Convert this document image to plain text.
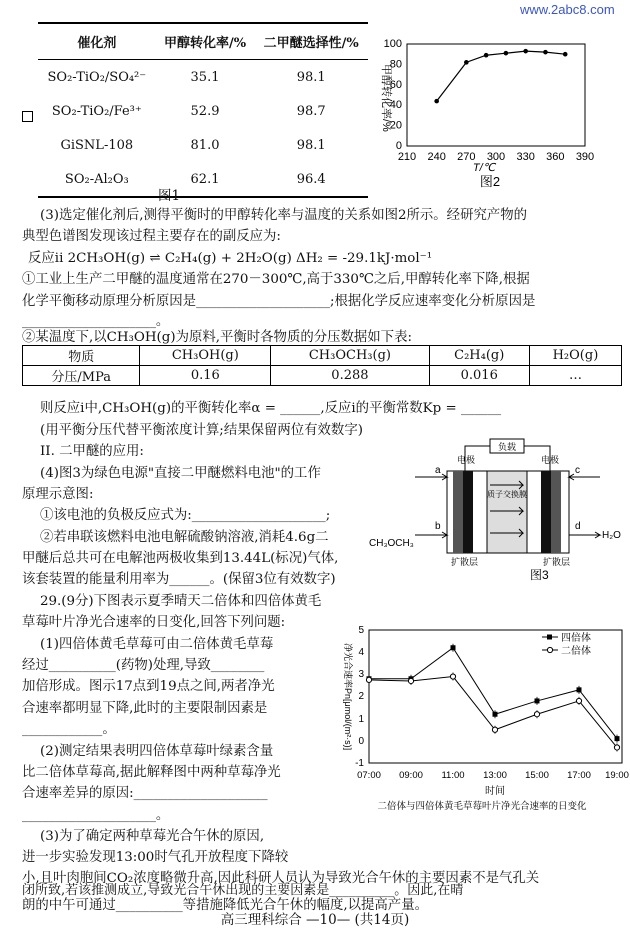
www.2abc8.com
催化剂	甲醇转化率/%	二甲醚选择性/%
SO₂-TiO₂/SO₄²⁻	35.1	98.1
SO₂-TiO₂/Fe³⁺	52.9	98.7
GiSNL-108	81.0	98.1
SO₂-Al₂O₃	62.1	96.4
图1
0
20
40
60
80
100
210 240 270 300 330 360 390
T/℃
甲醇转化率/%
图2
(3)选定催化剂后,测得平衡时的甲醇转化率与温度的关系如图2所示。经研究产物的
典型色谱图发现该过程主要存在的副反应为:
反应ii 2CH₃OH(g) ⇌ C₂H₄(g) + 2H₂O(g) ΔH₂ = -29.1kJ·mol⁻¹
①工业上生产二甲醚的温度通常在270－300℃,高于330℃之后,甲醇转化率下降,根据
化学平衡移动原理分析原因是____________________;根据化学反应速率变化分析原因是
____________________。
②某温度下,以CH₃OH(g)为原料,平衡时各物质的分压数据如下表:
物质	CH₃OH(g)	CH₃OCH₃(g)	C₂H₄(g)	H₂O(g)
分压/MPa	0.16	0.288	0.016	…
则反应i中,CH₃OH(g)的平衡转化率α = ______,反应i的平衡常数Kp = ______
(用平衡分压代替平衡浓度计算;结果保留两位有效数字)
II. 二甲醚的应用:
(4)图3为绿色电源"直接二甲醚燃料电池"的工作
原理示意图:
①该电池的负极反应式为:____________________;
②若串联该燃料电池电解硫酸钠溶液,消耗4.6g二
甲醚后总共可在电解池两极收集到13.44L(标况)气体,
该套装置的能量利用率为______。(保留3位有效数字)
29.(9分)下图表示夏季晴天二倍体和四倍体黄毛
草莓叶片净光合速率的日变化,回答下列问题:
(1)四倍体黄毛草莓可由二倍体黄毛草莓
经过__________(药物)处理,导致________
加倍形成。图示17点到19点之间,两者净光
合速率都明显下降,此时的主要限制因素是
____________。
(2)测定结果表明四倍体草莓叶绿素含量
比二倍体草莓高,据此解释图中两种草莓净光
合速率差异的原因:____________________
____________________。
(3)为了确定两种草莓光合午休的原因,
进一步实验发现13:00时气孔开放程度下降较
小,且叶肉胞间CO₂浓度略微升高,因此科研人员认为导致光合午休的主要因素不是气孔关
闭所致,若该推测成立,导致光合午休出现的主要因素是__________。因此,在晴
朗的中午可通过__________等措施降低光合午休的幅度,以提高产量。
负载
电极	电极
质子交换膜
a
b
CH₃OCH₃
c
d
H₂O
扩散层	扩散层
图3
净光合速率Pn[μmol/(m²·s)]
时间
二倍体与四倍体黄毛草莓叶片净光合速率的日变化
-1
0
1
2
3
4
5
07:00 09:00 11:00 13:00 15:00 17:00 19:00
四倍体
二倍体
高三理科综合 —10— (共14页)
